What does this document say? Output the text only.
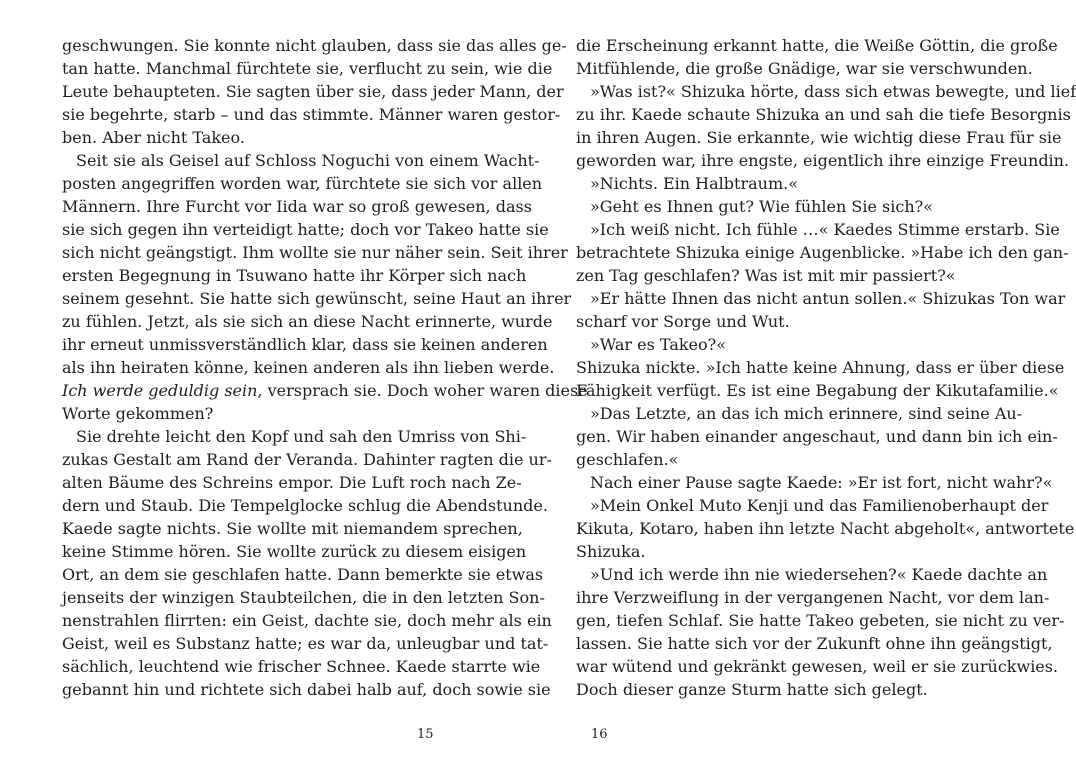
geschwungen. Sie konnte nicht glauben, dass sie das alles ge-
tan hatte. Manchmal fürchtete sie, verflucht zu sein, wie die
Leute behaupteten. Sie sagten über sie, dass jeder Mann, der
sie begehrte, starb – und das stimmte. Männer waren gestor-
ben. Aber nicht Takeo.
Seit sie als Geisel auf Schloss Noguchi von einem Wacht-
posten angegriffen worden war, fürchtete sie sich vor allen
Männern. Ihre Furcht vor Iida war so groß gewesen, dass
sie sich gegen ihn verteidigt hatte; doch vor Takeo hatte sie
sich nicht geängstigt. Ihm wollte sie nur näher sein. Seit ihrer
ersten Begegnung in Tsuwano hatte ihr Körper sich nach
seinem gesehnt. Sie hatte sich gewünscht, seine Haut an ihrer
zu fühlen. Jetzt, als sie sich an diese Nacht erinnerte, wurde
ihr erneut unmissverständlich klar, dass sie keinen anderen
als ihn heiraten könne, keinen anderen als ihn lieben werde.
Ich werde geduldig sein, versprach sie. Doch woher waren diese
Worte gekommen?
Sie drehte leicht den Kopf und sah den Umriss von Shi-
zukas Gestalt am Rand der Veranda. Dahinter ragten die ur-
alten Bäume des Schreins empor. Die Luft roch nach Ze-
dern und Staub. Die Tempelglocke schlug die Abendstunde.
Kaede sagte nichts. Sie wollte mit niemandem sprechen,
keine Stimme hören. Sie wollte zurück zu diesem eisigen
Ort, an dem sie geschlafen hatte. Dann bemerkte sie etwas
jenseits der winzigen Staubteilchen, die in den letzten Son-
nenstrahlen flirrten: ein Geist, dachte sie, doch mehr als ein
Geist, weil es Substanz hatte; es war da, unleugbar und tat-
sächlich, leuchtend wie frischer Schnee. Kaede starrte wie
gebannt hin und richtete sich dabei halb auf, doch sowie sie
15
die Erscheinung erkannt hatte, die Weiße Göttin, die große
Mitfühlende, die große Gnädige, war sie verschwunden.
»Was ist?« Shizuka hörte, dass sich etwas bewegte, und lief
zu ihr. Kaede schaute Shizuka an und sah die tiefe Besorgnis
in ihren Augen. Sie erkannte, wie wichtig diese Frau für sie
geworden war, ihre engste, eigentlich ihre einzige Freundin.
»Nichts. Ein Halbtraum.«
»Geht es Ihnen gut? Wie fühlen Sie sich?«
»Ich weiß nicht. Ich fühle …« Kaedes Stimme erstarb. Sie
betrachtete Shizuka einige Augenblicke. »Habe ich den gan-
zen Tag geschlafen? Was ist mit mir passiert?«
»Er hätte Ihnen das nicht antun sollen.« Shizukas Ton war
scharf vor Sorge und Wut.
»War es Takeo?«
Shizuka nickte. »Ich hatte keine Ahnung, dass er über diese
Fähigkeit verfügt. Es ist eine Begabung der Kikutafamilie.«
»Das Letzte, an das ich mich erinnere, sind seine Au-
gen. Wir haben einander angeschaut, und dann bin ich ein-
geschlafen.«
Nach einer Pause sagte Kaede: »Er ist fort, nicht wahr?«
»Mein Onkel Muto Kenji und das Familienoberhaupt der
Kikuta, Kotaro, haben ihn letzte Nacht abgeholt«, antwortete
Shizuka.
»Und ich werde ihn nie wiedersehen?« Kaede dachte an
ihre Verzweiflung in der vergangenen Nacht, vor dem lan-
gen, tiefen Schlaf. Sie hatte Takeo gebeten, sie nicht zu ver-
lassen. Sie hatte sich vor der Zukunft ohne ihn geängstigt,
war wütend und gekränkt gewesen, weil er sie zurückwies.
Doch dieser ganze Sturm hatte sich gelegt.
16
